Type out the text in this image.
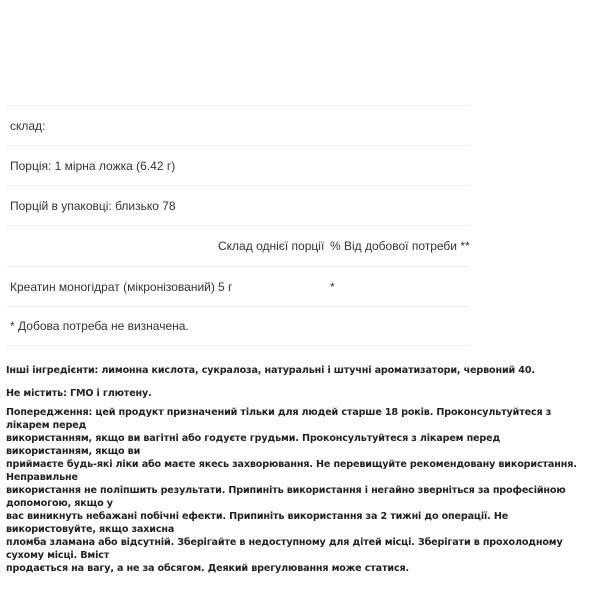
склад:
Порція: 1 мірна ложка (6.42 г)
Порцій в упаковці: близько 78
Склад однієї порції % Від добової потреби **
Креатин моногідрат (мікронізований) 5 г	*
* Добова потреба не визначена.
Інші інгредієнти: лимонна кислота, сукралоза, натуральні і штучні ароматизатори, червоний 40.
Не містить: ГМО і глютену.
Попередження: цей продукт призначений тільки для людей старше 18 років. Проконсультуйтеся з лікарем перед
використанням, якщо ви вагітні або годуєте грудьми. Проконсультуйтеся з лікарем перед використанням, якщо ви
приймаєте будь-які ліки або маєте якесь захворювання. Не перевищуйте рекомендовану використання. Неправильне
використання не поліпшить результати. Припиніть використання і негайно зверніться за професійною допомогою, якщо у
вас виникнуть небажані побічні ефекти. Припиніть використання за 2 тижні до операції. Не використовуйте, якщо захисна
пломба зламана або відсутній. Зберігайте в недоступному для дітей місці. Зберігати в прохолодному сухому місці. Вміст
продається на вагу, а не за обсягом. Деякий врегулювання може статися.
